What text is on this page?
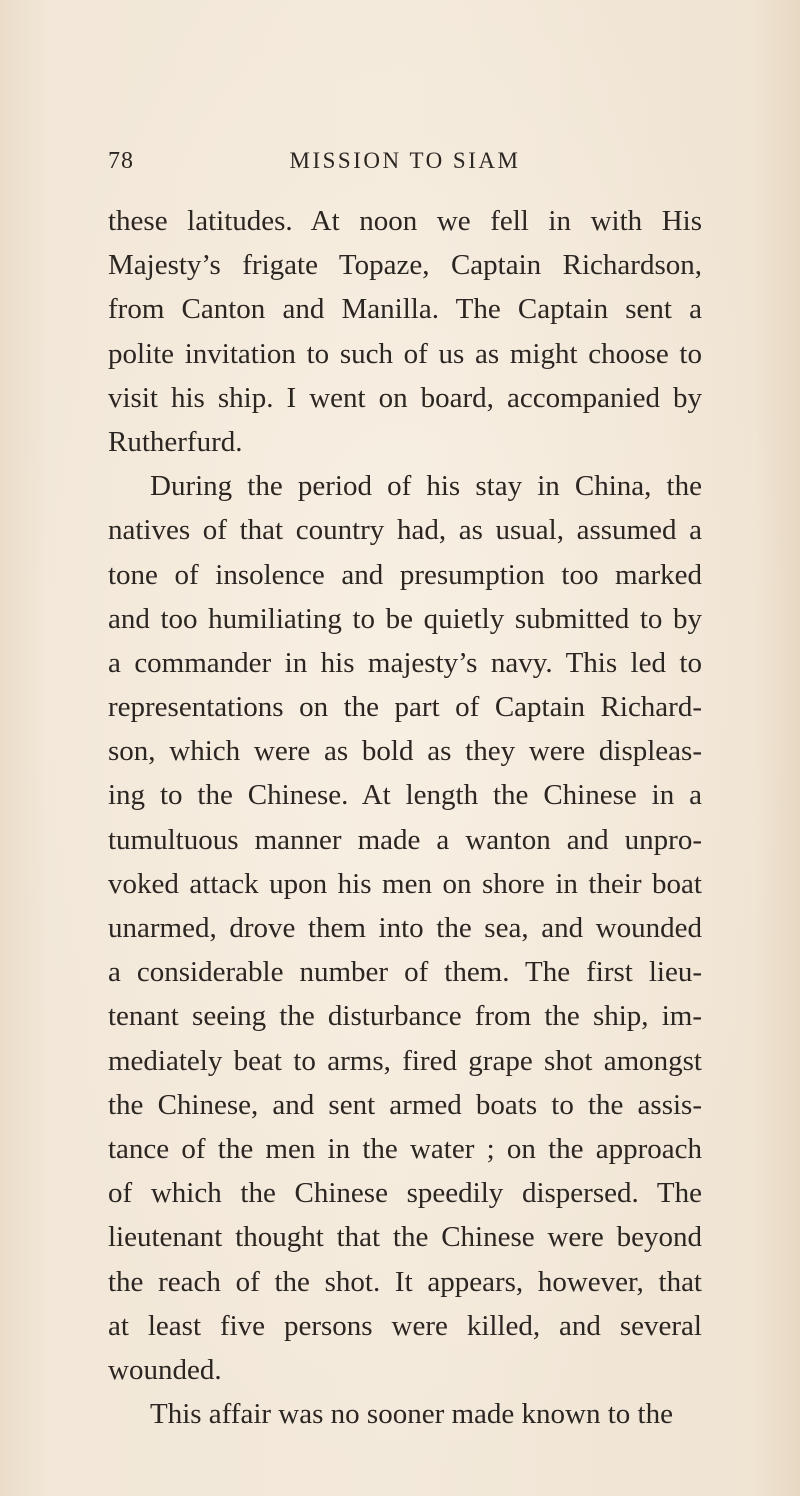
78	MISSION TO SIAM
these latitudes. At noon we fell in with His
Majesty’s frigate Topaze, Captain Richardson,
from Canton and Manilla. The Captain sent a
polite invitation to such of us as might choose to
visit his ship. I went on board, accompanied by
Rutherfurd.
During the period of his stay in China, the
natives of that country had, as usual, assumed a
tone of insolence and presumption too marked
and too humiliating to be quietly submitted to by
a commander in his majesty’s navy. This led to
representations on the part of Captain Richard-
son, which were as bold as they were displeas-
ing to the Chinese. At length the Chinese in a
tumultuous manner made a wanton and unpro-
voked attack upon his men on shore in their boat
unarmed, drove them into the sea, and wounded
a considerable number of them. The first lieu-
tenant seeing the disturbance from the ship, im-
mediately beat to arms, fired grape shot amongst
the Chinese, and sent armed boats to the assis-
tance of the men in the water ; on the approach
of which the Chinese speedily dispersed. The
lieutenant thought that the Chinese were beyond
the reach of the shot. It appears, however, that
at least five persons were killed, and several
wounded.
This affair was no sooner made known to the
